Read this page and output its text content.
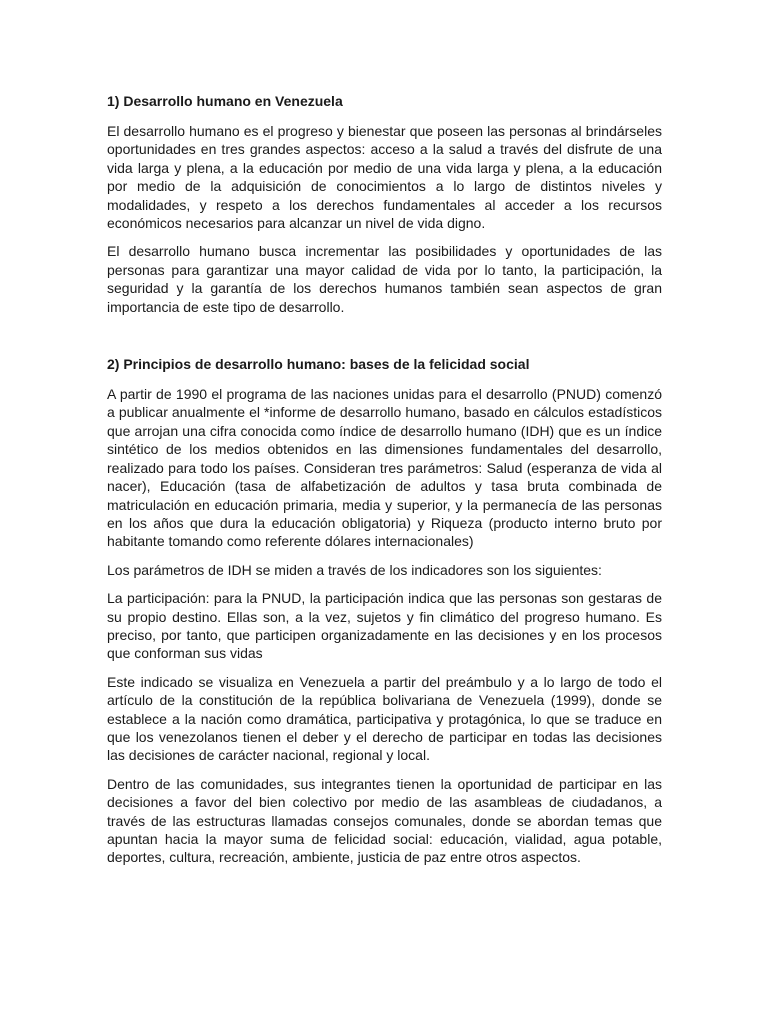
1) Desarrollo humano en Venezuela

El desarrollo humano es el progreso y bienestar que poseen las personas al brindárseles oportunidades en tres grandes aspectos: acceso a la salud a través del disfrute de una vida larga y plena, a la educación por medio de una vida larga y plena, a la educación por medio de la adquisición de conocimientos a lo largo de distintos niveles y modalidades, y respeto a los derechos fundamentales al acceder a los recursos económicos necesarios para alcanzar un nivel de vida digno.

El desarrollo humano busca incrementar las posibilidades y oportunidades de las personas para garantizar una mayor calidad de vida por lo tanto, la participación, la seguridad y la garantía de los derechos humanos también sean aspectos de gran importancia de este tipo de desarrollo.

2) Principios de desarrollo humano: bases de la felicidad social

A partir de 1990 el programa de las naciones unidas para el desarrollo (PNUD) comenzó a publicar anualmente el *informe de desarrollo humano, basado en cálculos estadísticos que arrojan una cifra conocida como índice de desarrollo humano (IDH) que es un índice sintético de los medios obtenidos en las dimensiones fundamentales del desarrollo, realizado para todo los países. Consideran tres parámetros: Salud (esperanza de vida al nacer), Educación (tasa de alfabetización de adultos y tasa bruta combinada de matriculación en educación primaria, media y superior, y la permanecía de las personas en los años que dura la educación obligatoria) y Riqueza (producto interno bruto por habitante tomando como referente dólares internacionales)

Los parámetros de IDH se miden a través de los indicadores son los siguientes:

La participación: para la PNUD, la participación indica que las personas son gestaras de su propio destino. Ellas son, a la vez, sujetos y fin climático del progreso humano. Es preciso, por tanto, que participen organizadamente en las decisiones y en los procesos que conforman sus vidas

Este indicado se visualiza en Venezuela a partir del preámbulo y a lo largo de todo el artículo de la constitución de la república bolivariana de Venezuela (1999), donde se establece a la nación como dramática, participativa y protagónica, lo que se traduce en que los venezolanos tienen el deber y el derecho de participar en todas las decisiones las decisiones de carácter nacional, regional y local.

Dentro de las comunidades, sus integrantes tienen la oportunidad de participar en las decisiones a favor del bien colectivo por medio de las asambleas de ciudadanos, a través de las estructuras llamadas consejos comunales, donde se abordan temas que apuntan hacia la mayor suma de felicidad social: educación, vialidad, agua potable, deportes, cultura, recreación, ambiente, justicia de paz entre otros aspectos.
